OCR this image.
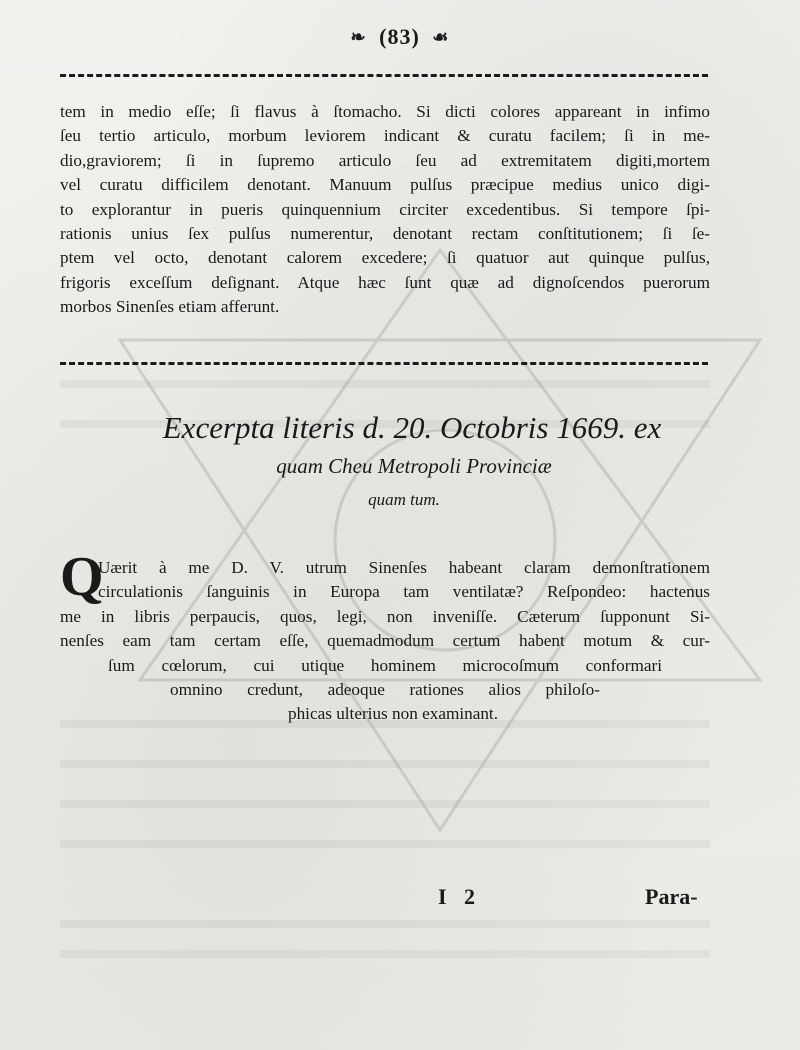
❧ (83) ☙
tem in medio eſſe; ſi flavus à ſtomacho. Si dicti colores appareant in infimo
ſeu tertio articulo, morbum leviorem indicant & curatu facilem; ſi in me-
dio,graviorem; ſi in ſupremo articulo ſeu ad extremitatem digiti,mortem
vel curatu difficilem denotant. Manuum pulſus præcipue medius unico digi-
to explorantur in pueris quinquennium circiter excedentibus. Si tempore ſpi-
rationis unius ſex pulſus numerentur, denotant rectam conſtitutionem; ſi ſe-
ptem vel octo, denotant calorem excedere; ſi quatuor aut quinque pulſus,
frigoris exceſſum deſignant. Atque hæc ſunt quæ ad dignoſcendos puerorum
morbos Sinenſes etiam afferunt.
Excerpta literis d. 20. Octobris 1669. ex
quam Cheu Metropoli Provinciæ
quam tum.
Q
Uærit à me D. V. utrum Sinenſes habeant claram demonſtrationem
circulationis ſanguinis in Europa tam ventilatæ? Reſpondeo: hactenus
me in libris perpaucis, quos, legi, non inveniſſe. Cæterum ſupponunt Si-
nenſes eam tam certam eſſe, quemadmodum certum habent motum & cur-
ſum cœlorum, cui utique hominem microcoſmum conformari
omnino credunt, adeoque rationes alios philoſo-
phicas ulterius non examinant.
I 2	Para-
